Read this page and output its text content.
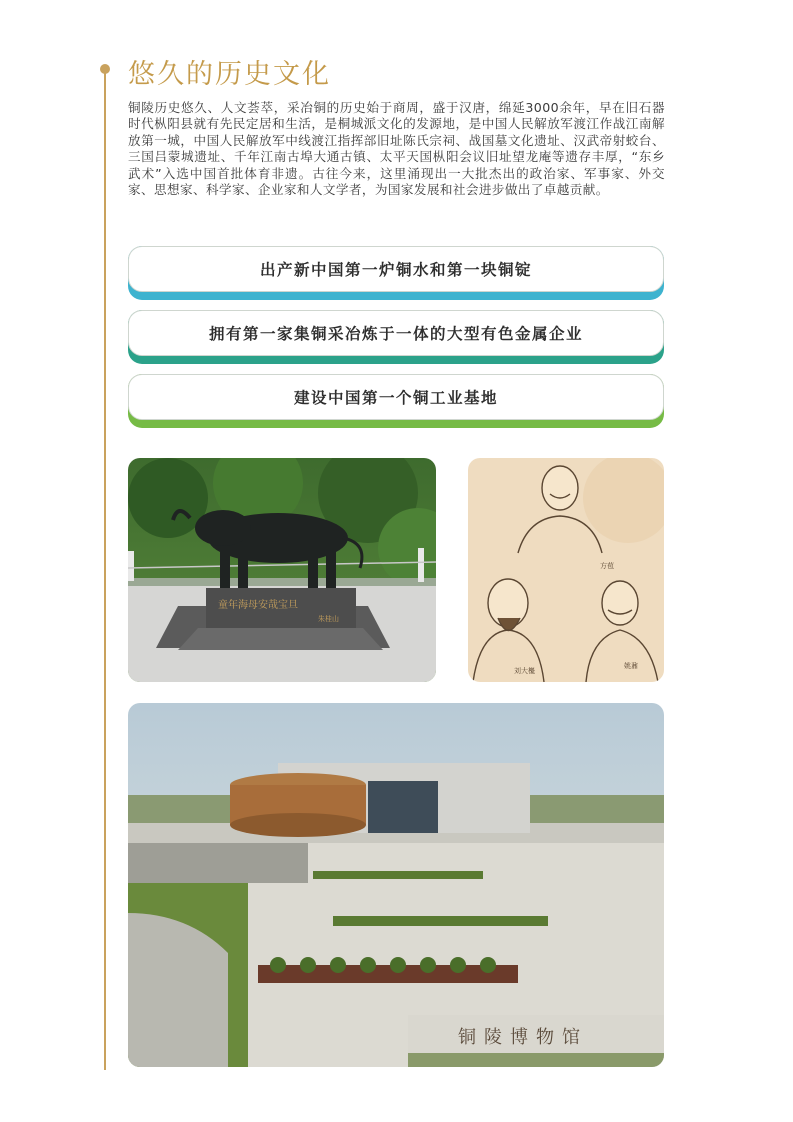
悠久的历史文化

铜陵历史悠久、人文荟萃，采冶铜的历史始于商周，盛于汉唐，绵延3000余年，早在旧石器时代枞阳县就有先民定居和生活，是桐城派文化的发源地，是中国人民解放军渡江作战江南解放第一城，中国人民解放军中线渡江指挥部旧址陈氏宗祠、战国墓文化遗址、汉武帝射蛟台、三国吕蒙城遗址、千年江南古埠大通古镇、太平天国枞阳会议旧址望龙庵等遗存丰厚，“东乡武术”入选中国首批体育非遗。古往今来，这里涌现出一大批杰出的政治家、军事家、外交家、思想家、科学家、企业家和人文学者，为国家发展和社会进步做出了卓越贡献。

出产新中国第一炉铜水和第一块铜锭
拥有第一家集铜采冶炼于一体的大型有色金属企业
建设中国第一个铜工业基地
童年海母安哉宝旦
朱桂山
方苞
刘大櫆
姚鼐
铜陵博物馆
